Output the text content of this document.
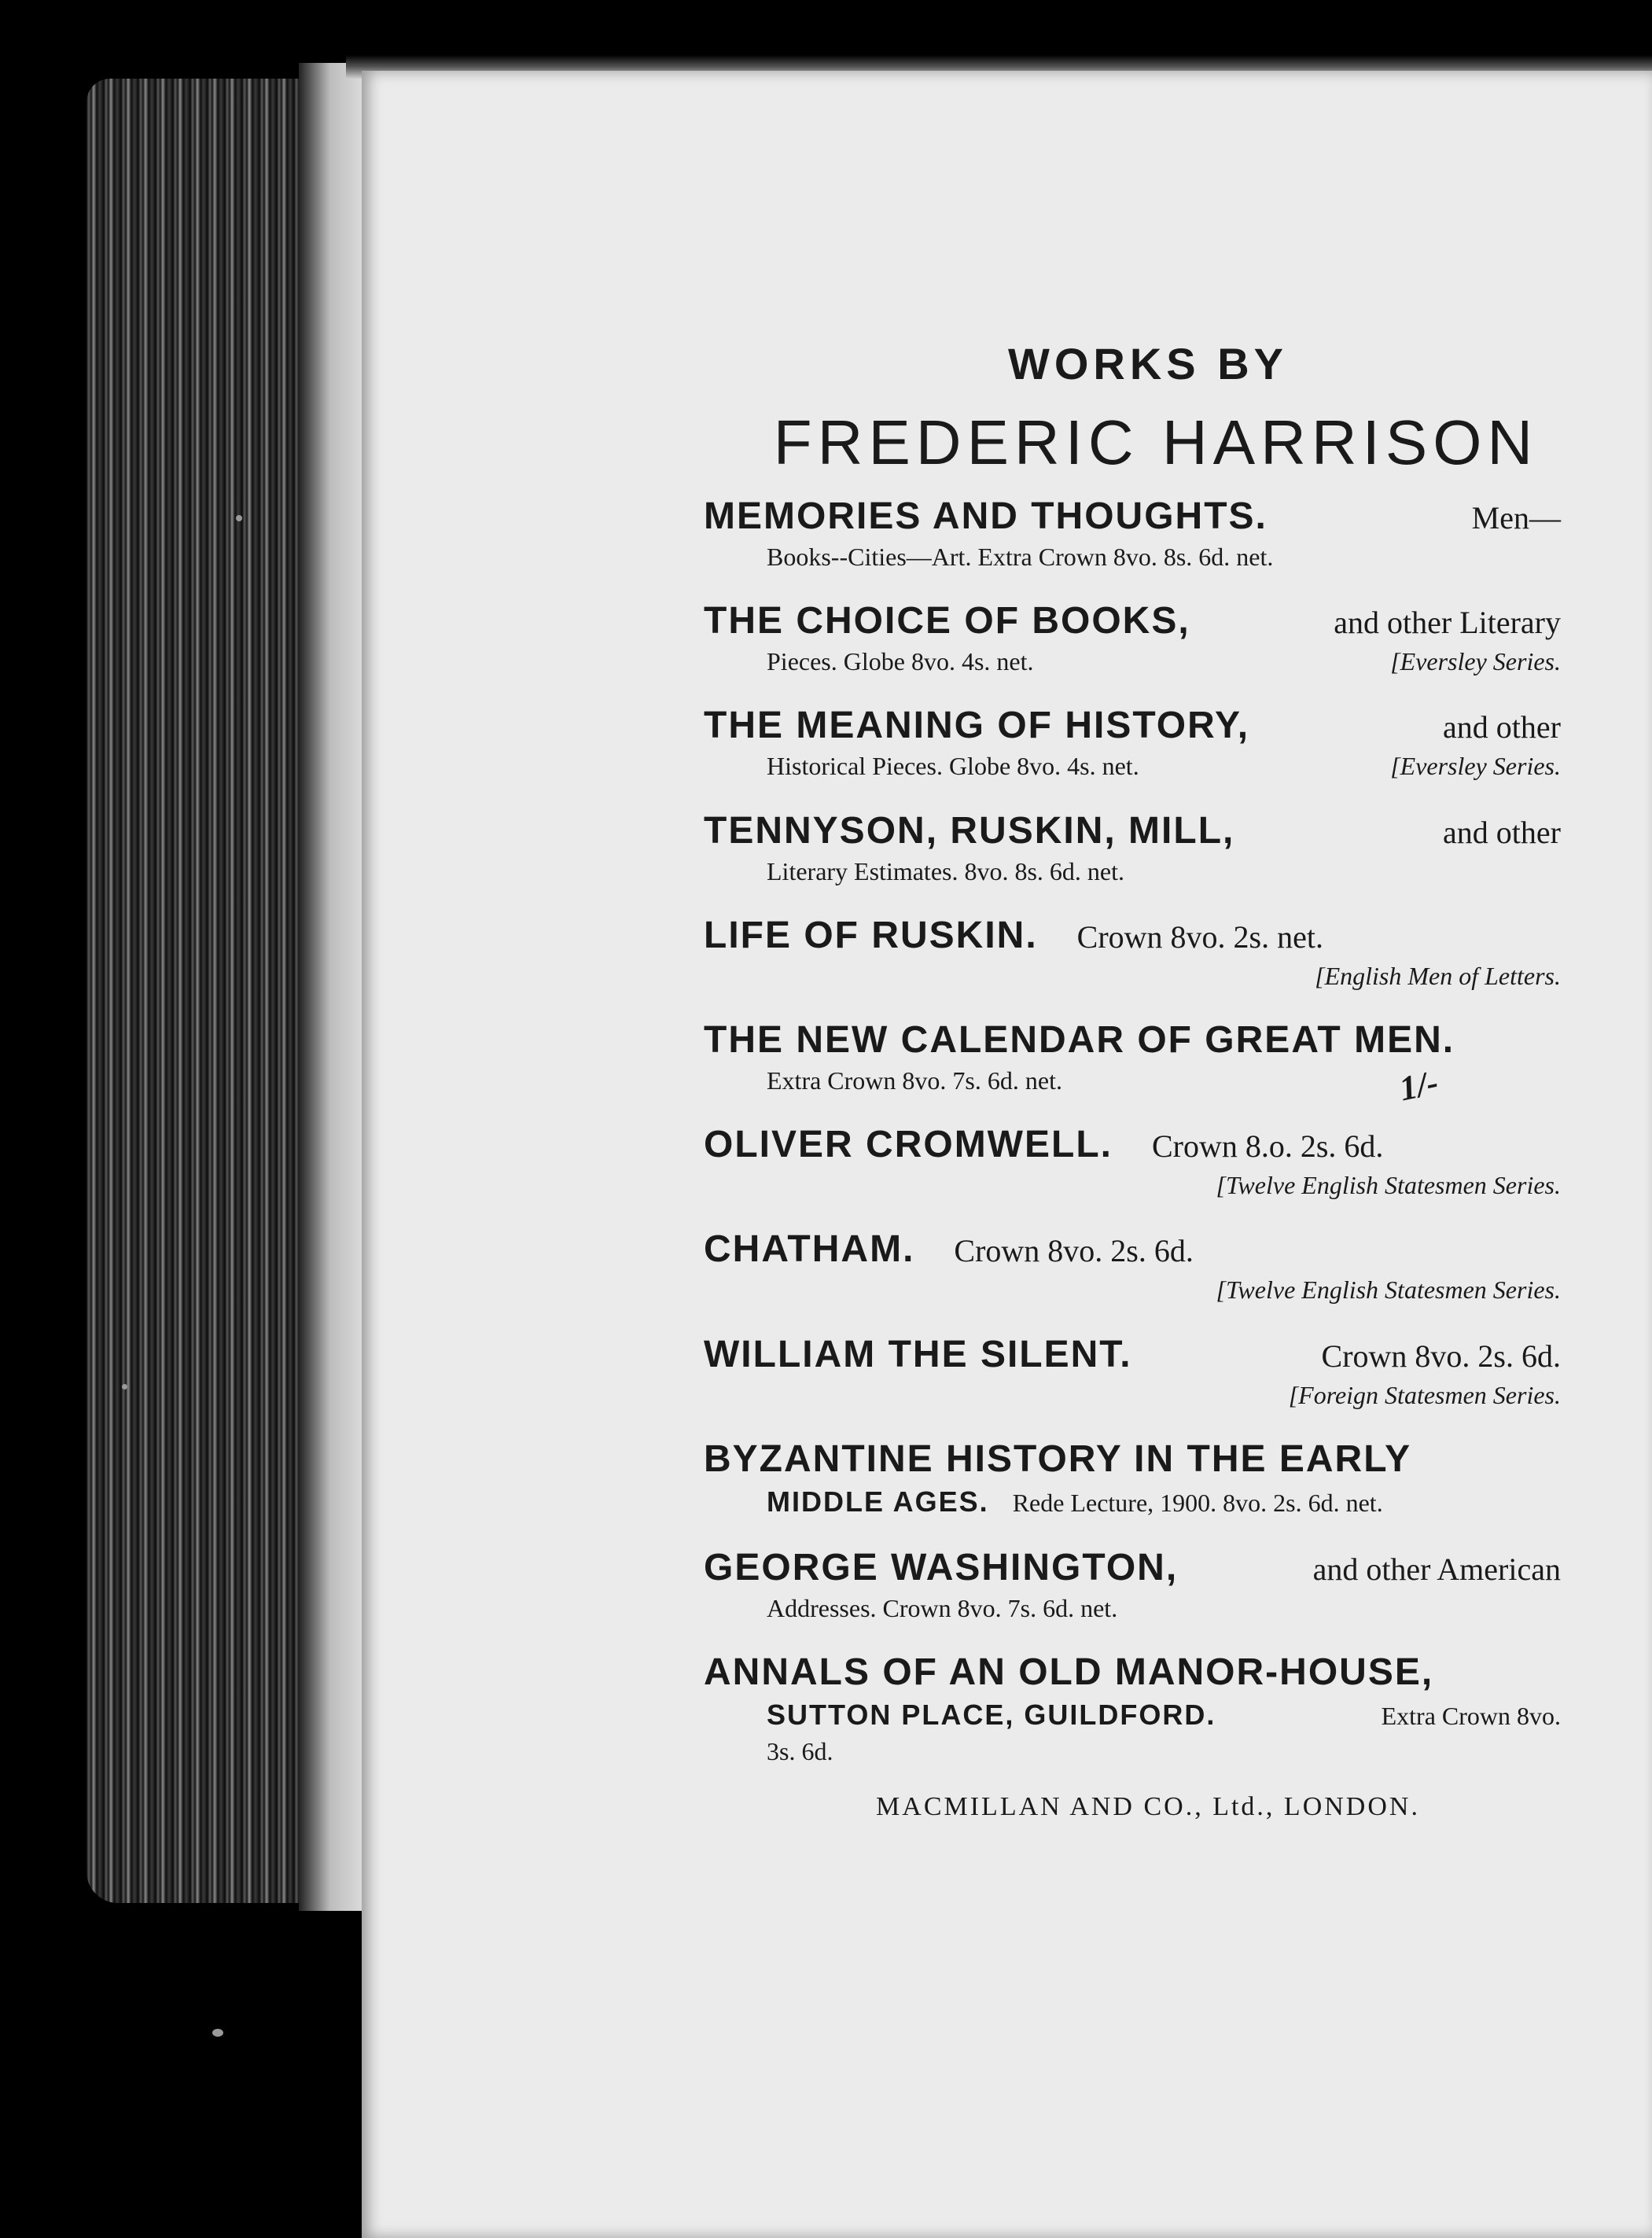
WORKS BY
FREDERIC HARRISON
MEMORIES AND THOUGHTS.	Men—
Books--Cities—Art. Extra Crown 8vo. 8s. 6d. net.
THE CHOICE OF BOOKS,	and other Literary
Pieces. Globe 8vo. 4s. net.	[Eversley Series.
THE MEANING OF HISTORY,	and other
Historical Pieces. Globe 8vo. 4s. net.	[Eversley Series.
TENNYSON, RUSKIN, MILL,	and other
Literary Estimates. 8vo. 8s. 6d. net.
LIFE OF RUSKIN. Crown 8vo. 2s. net.
[English Men of Letters.
THE NEW CALENDAR OF GREAT MEN.
Extra Crown 8vo. 7s. 6d. net.
OLIVER CROMWELL. Crown 8.o. 2s. 6d.
[Twelve English Statesmen Series.
CHATHAM. Crown 8vo. 2s. 6d.
[Twelve English Statesmen Series.
WILLIAM THE SILENT.	Crown 8vo. 2s. 6d.
[Foreign Statesmen Series.
BYZANTINE HISTORY IN THE EARLY
MIDDLE AGES. Rede Lecture, 1900. 8vo. 2s. 6d. net.
GEORGE WASHINGTON,	and other American
Addresses. Crown 8vo. 7s. 6d. net.
ANNALS OF AN OLD MANOR-HOUSE,
SUTTON PLACE, GUILDFORD.	Extra Crown 8vo.
3s. 6d.
MACMILLAN AND CO., Ltd., LONDON.
1/-
